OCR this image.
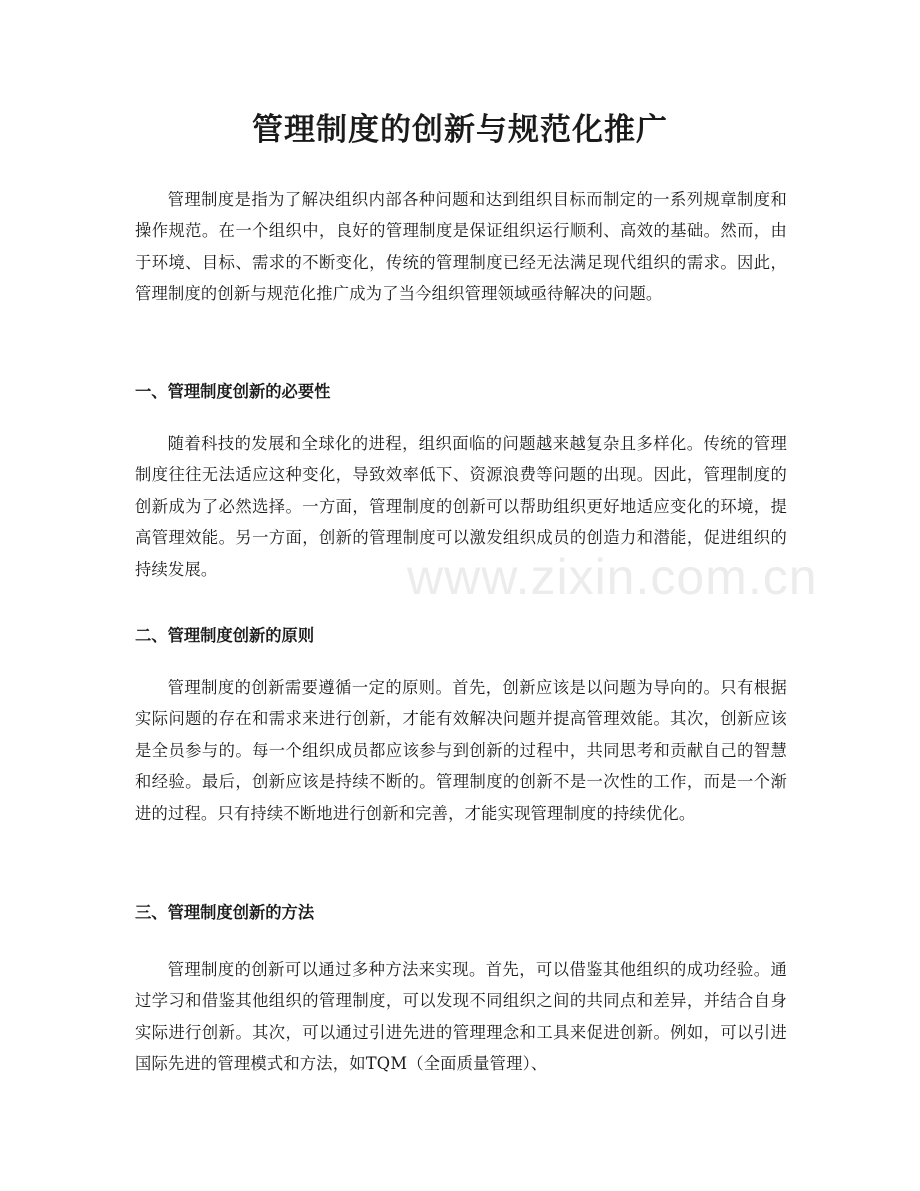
管理制度的创新与规范化推广

管理制度是指为了解决组织内部各种问题和达到组织目标而制定的一系列规章制度和操作规范。在一个组织中，良好的管理制度是保证组织运行顺利、高效的基础。然而，由于环境、目标、需求的不断变化，传统的管理制度已经无法满足现代组织的需求。因此，管理制度的创新与规范化推广成为了当今组织管理领域亟待解决的问题。

一、管理制度创新的必要性

随着科技的发展和全球化的进程，组织面临的问题越来越复杂且多样化。传统的管理制度往往无法适应这种变化，导致效率低下、资源浪费等问题的出现。因此，管理制度的创新成为了必然选择。一方面，管理制度的创新可以帮助组织更好地适应变化的环境，提高管理效能。另一方面，创新的管理制度可以激发组织成员的创造力和潜能，促进组织的持续发展。

二、管理制度创新的原则

管理制度的创新需要遵循一定的原则。首先，创新应该是以问题为导向的。只有根据实际问题的存在和需求来进行创新，才能有效解决问题并提高管理效能。其次，创新应该是全员参与的。每一个组织成员都应该参与到创新的过程中，共同思考和贡献自己的智慧和经验。最后，创新应该是持续不断的。管理制度的创新不是一次性的工作，而是一个渐进的过程。只有持续不断地进行创新和完善，才能实现管理制度的持续优化。

三、管理制度创新的方法

管理制度的创新可以通过多种方法来实现。首先，可以借鉴其他组织的成功经验。通过学习和借鉴其他组织的管理制度，可以发现不同组织之间的共同点和差异，并结合自身实际进行创新。其次，可以通过引进先进的管理理念和工具来促进创新。例如，可以引进国际先进的管理模式和方法，如TQM（全面质量管理）、

www.zixin.com.cn
